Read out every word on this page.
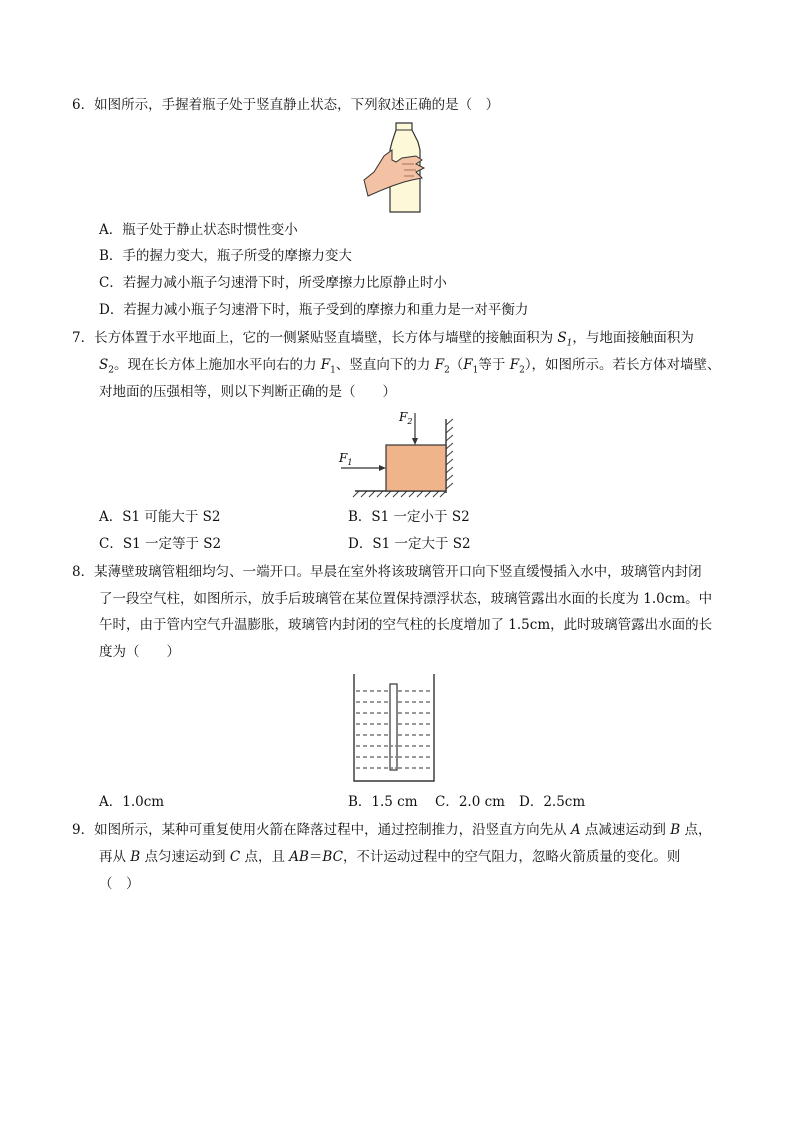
6．如图所示，手握着瓶子处于竖直静止状态，下列叙述正确的是（　）
A．瓶子处于静止状态时惯性变小
B．手的握力变大，瓶子所受的摩擦力变大
C．若握力减小瓶子匀速滑下时，所受摩擦力比原静止时小
D．若握力减小瓶子匀速滑下时，瓶子受到的摩擦力和重力是一对平衡力
7．长方体置于水平地面上，它的一侧紧贴竖直墙壁，长方体与墙壁的接触面积为 $S_1$，与地面接触面积为
$S_2$。现在长方体上施加水平向右的力 $F_1$、竖直向下的力 $F_2(F_1$等于 $F_2$），如图所示。若长方体对墙壁、
对地面的压强相等，则以下判断正确的是（　　）
$F_1$
$F_2$
A．S1 可能大于 S2	B．S1 一定小于 S2
C．S1 一定等于 S2	D．S1 一定大于 S2
8．某薄壁玻璃管粗细均匀、一端开口。早晨在室外将该玻璃管开口向下竖直缓慢插入水中，玻璃管内封闭
了一段空气柱，如图所示，放手后玻璃管在某位置保持漂浮状态，玻璃管露出水面的长度为 1.0cm。中
午时，由于管内空气升温膨胀，玻璃管内封闭的空气柱的长度增加了 1.5cm，此时玻璃管露出水面的长
度为（　　）
A．1.0cm	B．1.5 cm C．2.0 cm D．2.5cm
9．如图所示，某种可重复使用火箭在降落过程中，通过控制推力，沿竖直方向先从 A 点减速运动到 B 点，
再从 B 点匀速运动到 C 点，且 AB＝BC，不计运动过程中的空气阻力，忽略火箭质量的变化。则
（　）
